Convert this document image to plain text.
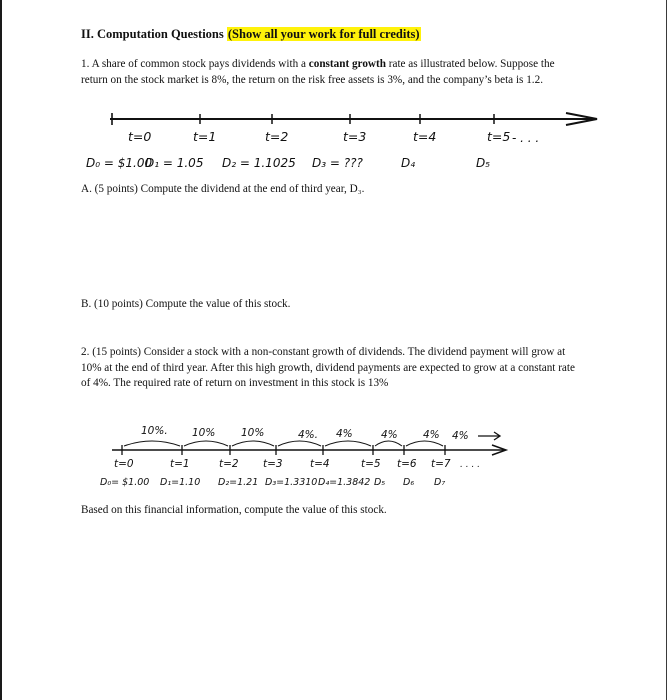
II. Computation Questions (Show all your work for full credits)
1. A share of common stock pays dividends with a constant growth rate as illustrated below. Suppose the return on the stock market is 8%, the return on the risk free assets is 3%, and the company’s beta is 1.2.
t=0	t=1	t=2	t=3	t=4	t=5
D₀ = $1.00
D₁ = 1.05 D₂ = 1.1025 D₃ = ???	D₄	D₅
- . . .
A. (5 points) Compute the dividend at the end of third year, D₃.
B. (10 points) Compute the value of this stock.
2. (15 points) Consider a stock with a non-constant growth of dividends. The dividend payment will grow at 10% at the end of third year. After this high growth, dividend payments are expected to grow at a constant rate of 4%. The required rate of return on investment in this stock is 13%
10%. 10% 10%	4%. 4%	4% 4% 4%
t=0	t=1	t=2 t=3	t=4	t=5 t=6 t=7
D₀= $1.00 D₁=1.10 D₂=1.21 D₃=1.3310 D₄=1.3842 D₅ D₆ D₇
. . . .
Based on this financial information, compute the value of this stock.
